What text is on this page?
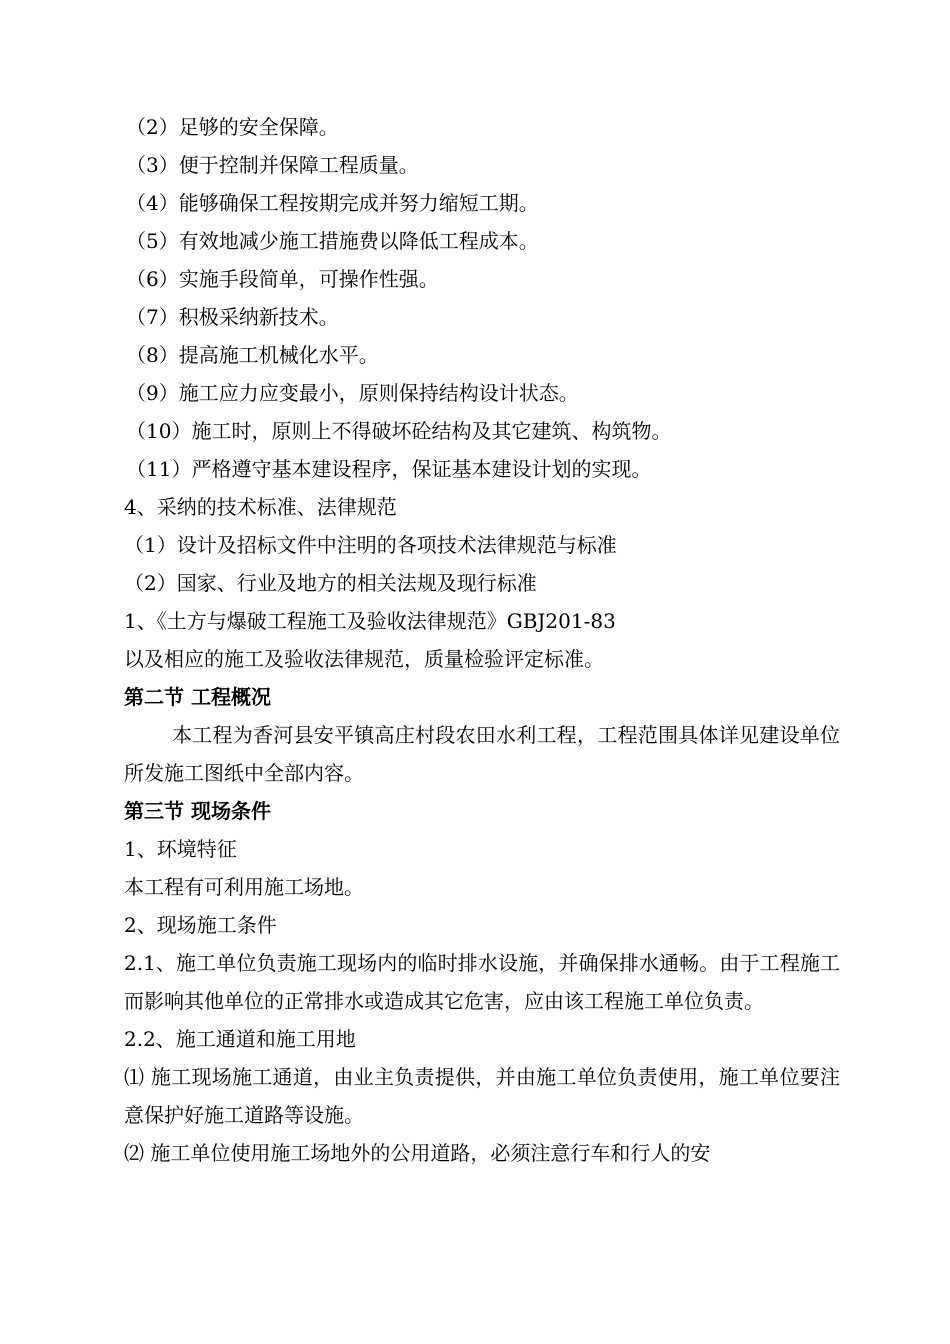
（2）足够的安全保障。

（3）便于控制并保障工程质量。

（4）能够确保工程按期完成并努力缩短工期。

（5）有效地减少施工措施费以降低工程成本。

（6）实施手段简单，可操作性强。

（7）积极采纳新技术。

（8）提高施工机械化水平。

（9）施工应力应变最小，原则保持结构设计状态。

（10）施工时，原则上不得破坏砼结构及其它建筑、构筑物。

（11）严格遵守基本建设程序，保证基本建设计划的实现。

4、采纳的技术标准、法律规范

（1）设计及招标文件中注明的各项技术法律规范与标准

（2）国家、行业及地方的相关法规及现行标准

1、《土方与爆破工程施工及验收法律规范》GBJ201-83

以及相应的施工及验收法律规范，质量检验评定标准。

第二节 工程概况

本工程为香河县安平镇高庄村段农田水利工程，工程范围具体详见建设单位所发施工图纸中全部内容。

第三节 现场条件

1、环境特征

本工程有可利用施工场地。

2、现场施工条件

2.1、施工单位负责施工现场内的临时排水设施，并确保排水通畅。由于工程施工而影响其他单位的正常排水或造成其它危害，应由该工程施工单位负责。

2.2、施工通道和施工用地

⑴ 施工现场施工通道，由业主负责提供，并由施工单位负责使用，施工单位要注意保护好施工道路等设施。

⑵ 施工单位使用施工场地外的公用道路，必须注意行车和行人的安
